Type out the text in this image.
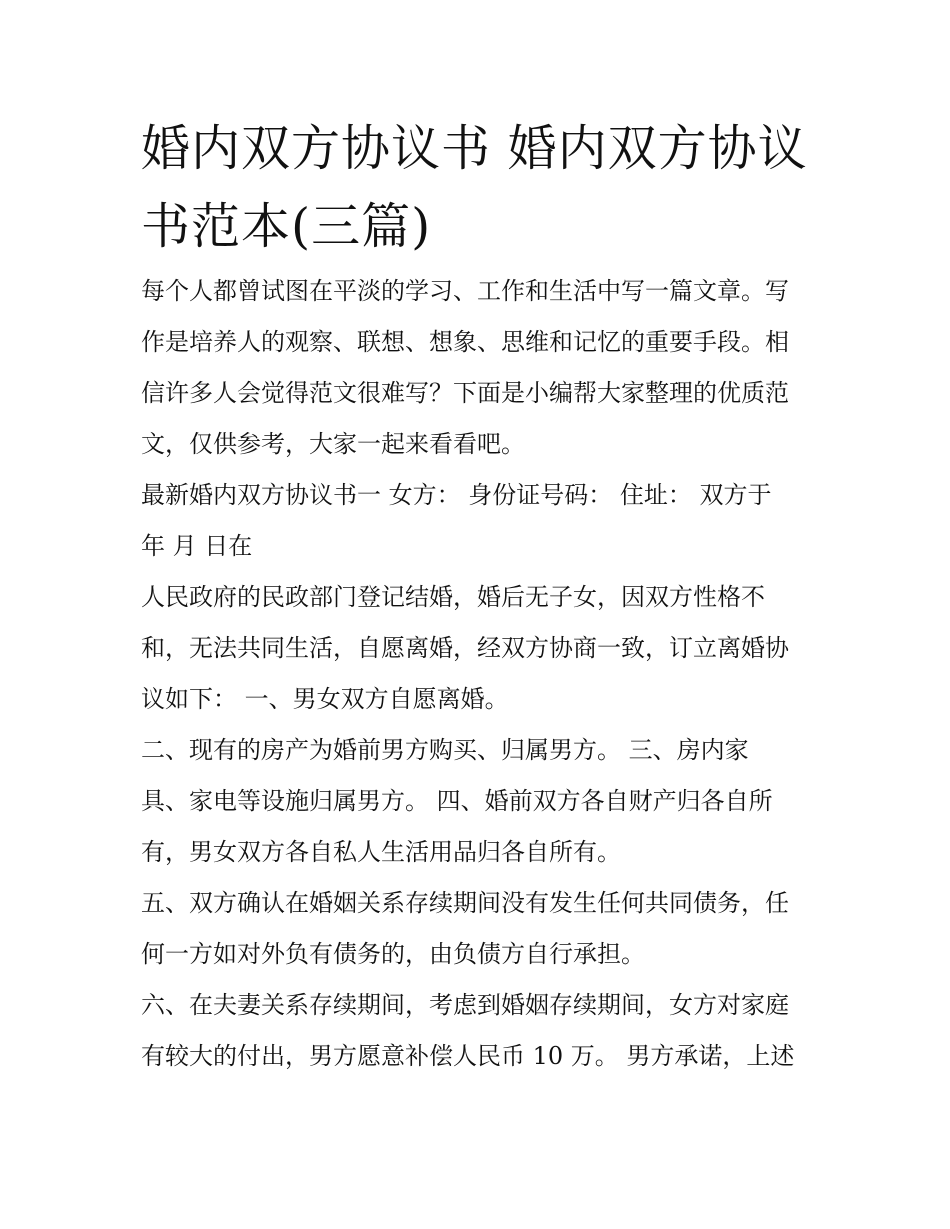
婚内双方协议书 婚内双方协议
书范本(三篇)

每个人都曾试图在平淡的学习、工作和生活中写一篇文章。写
作是培养人的观察、联想、想象、思维和记忆的重要手段。相
信许多人会觉得范文很难写？下面是小编帮大家整理的优质范
文，仅供参考，大家一起来看看吧。

最新婚内双方协议书一 女方： 身份证号码： 住址： 双方于
年 月 日在

人民政府的民政部门登记结婚，婚后无子女，因双方性格不
和，无法共同生活，自愿离婚，经双方协商一致，订立离婚协
议如下： 一、男女双方自愿离婚。

二、现有的房产为婚前男方购买、归属男方。 三、房内家
具、家电等设施归属男方。 四、婚前双方各自财产归各自所
有，男女双方各自私人生活用品归各自所有。

五、双方确认在婚姻关系存续期间没有发生任何共同债务，任
何一方如对外负有债务的，由负债方自行承担。

六、在夫妻关系存续期间，考虑到婚姻存续期间，女方对家庭
有较大的付出，男方愿意补偿人民币 10 万。 男方承诺，上述
